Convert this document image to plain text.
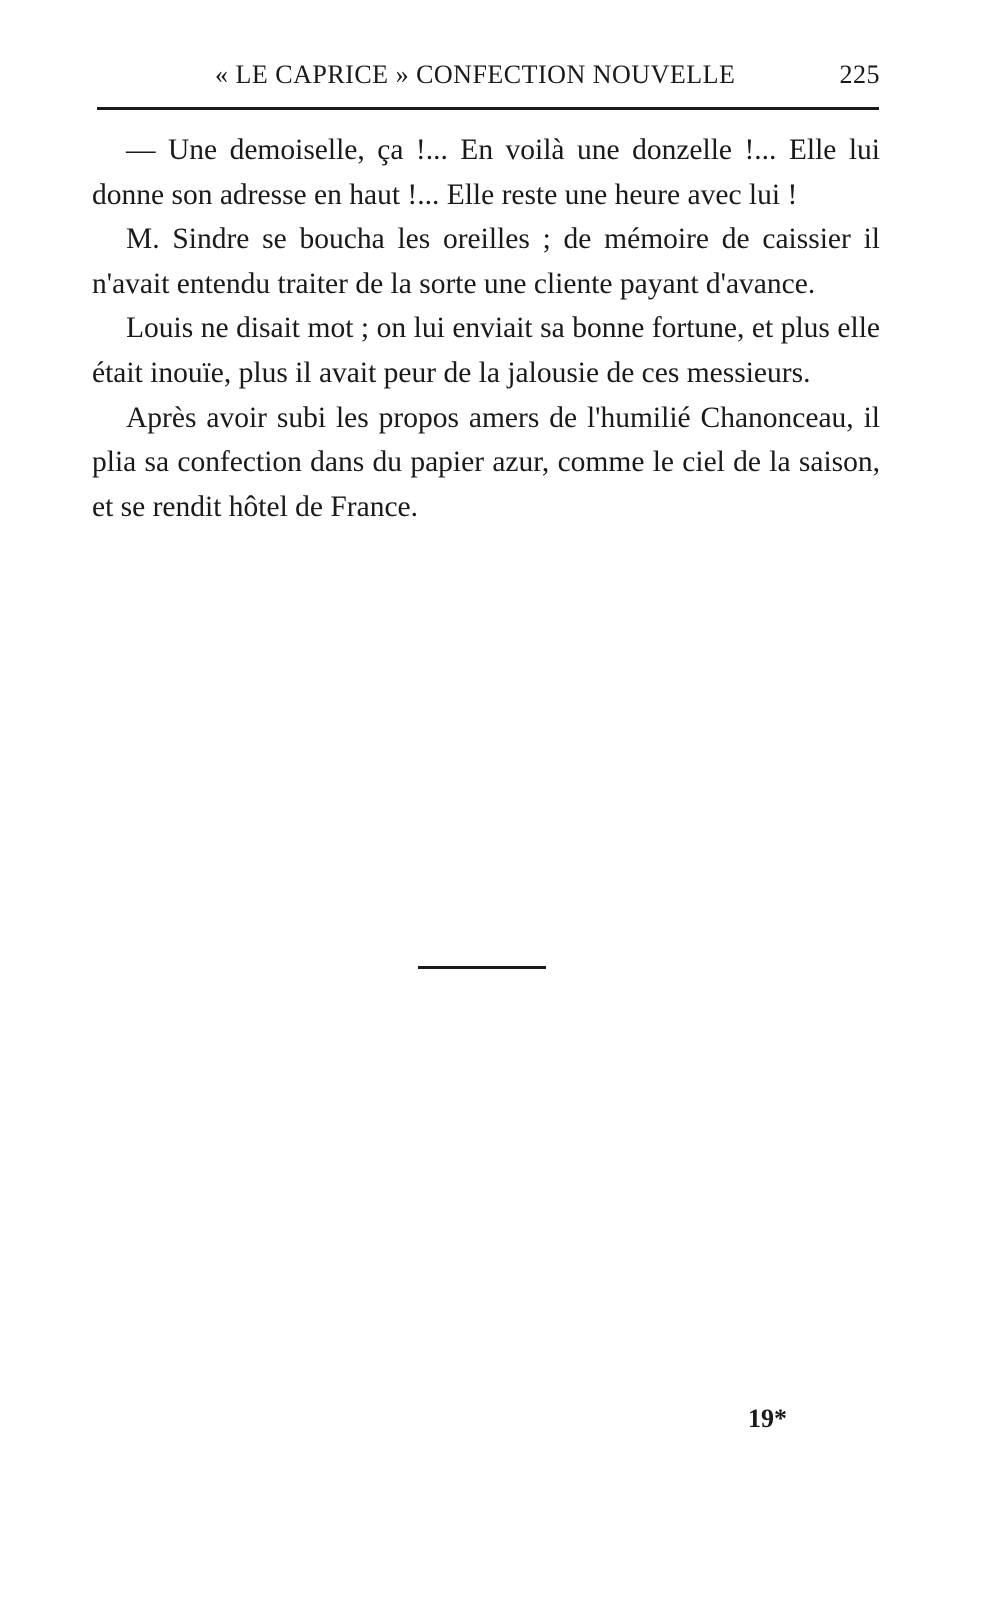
« LE CAPRICE » CONFECTION NOUVELLE	225

— Une demoiselle, ça !... En voilà une donzelle !... Elle lui donne son adresse en haut !... Elle reste une heure avec lui !

M. Sindre se boucha les oreilles ; de mémoire de caissier il n'avait entendu traiter de la sorte une cliente payant d'avance.

Louis ne disait mot ; on lui enviait sa bonne fortune, et plus elle était inouïe, plus il avait peur de la jalousie de ces messieurs.

Après avoir subi les propos amers de l'humilié Chanonceau, il plia sa confection dans du papier azur, comme le ciel de la saison, et se rendit hôtel de France.

19*
